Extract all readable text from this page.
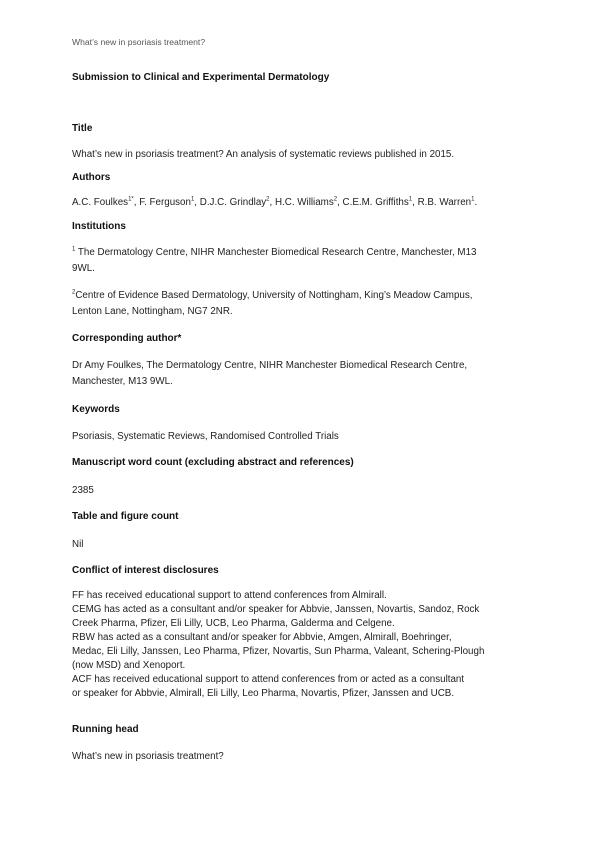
What’s new in psoriasis treatment?
Submission to Clinical and Experimental Dermatology
Title
What’s new in psoriasis treatment? An analysis of systematic reviews published in 2015.
Authors
A.C. Foulkes$^{1*}$, F. Ferguson$^1$, D.J.C. Grindlay$^2$, H.C. Williams$^2$, C.E.M. Griffiths$^1$, R.B. Warren$^1$.
Institutions
$^1$ The Dermatology Centre, NIHR Manchester Biomedical Research Centre, Manchester, M13
9WL.
$^2$Centre of Evidence Based Dermatology, University of Nottingham, King’s Meadow Campus,
Lenton Lane, Nottingham, NG7 2NR.
Corresponding author*
Dr Amy Foulkes, The Dermatology Centre, NIHR Manchester Biomedical Research Centre,
Manchester, M13 9WL.
Keywords
Psoriasis, Systematic Reviews, Randomised Controlled Trials
Manuscript word count (excluding abstract and references)
2385
Table and figure count
Nil
Conflict of interest disclosures
FF has received educational support to attend conferences from Almirall.
CEMG has acted as a consultant and/or speaker for Abbvie, Janssen, Novartis, Sandoz, Rock
Creek Pharma, Pfizer, Eli Lilly, UCB, Leo Pharma, Galderma and Celgene.
RBW has acted as a consultant and/or speaker for Abbvie, Amgen, Almirall, Boehringer,
Medac, Eli Lilly, Janssen, Leo Pharma, Pfizer, Novartis, Sun Pharma, Valeant, Schering-Plough
(now MSD) and Xenoport.
ACF has received educational support to attend conferences from or acted as a consultant
or speaker for Abbvie, Almirall, Eli Lilly, Leo Pharma, Novartis, Pfizer, Janssen and UCB.
Running head
What’s new in psoriasis treatment?
